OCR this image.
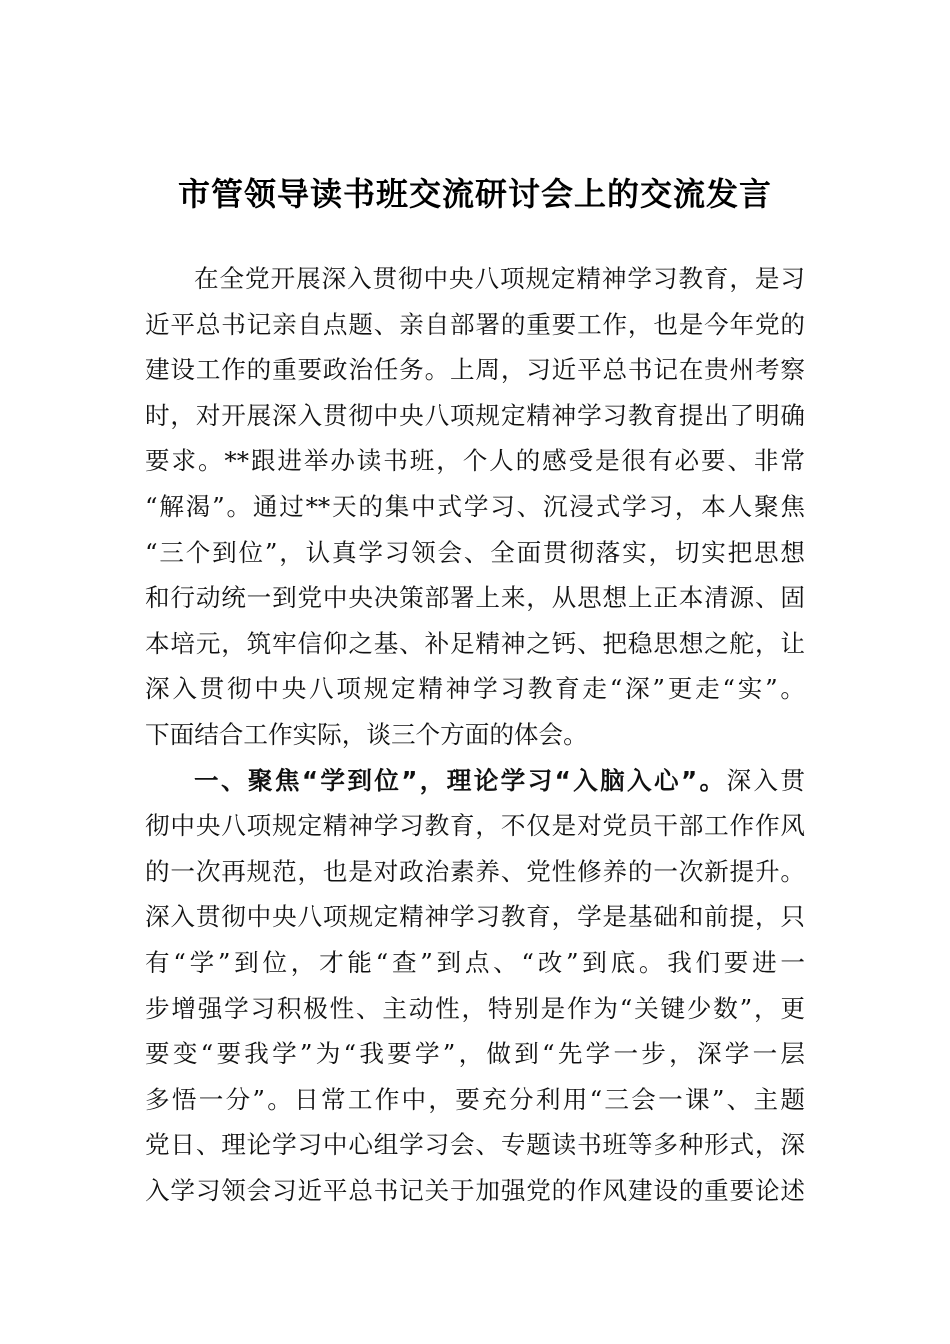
市管领导读书班交流研讨会上的交流发言
在全党开展深入贯彻中央八项规定精神学习教育，是习
近平总书记亲自点题、亲自部署的重要工作，也是今年党的
建设工作的重要政治任务。上周，习近平总书记在贵州考察
时，对开展深入贯彻中央八项规定精神学习教育提出了明确
要求。**跟进举办读书班，个人的感受是很有必要、非常
“解渴”。通过**天的集中式学习、沉浸式学习，本人聚焦
“三个到位”，认真学习领会、全面贯彻落实，切实把思想
和行动统一到党中央决策部署上来，从思想上正本清源、固
本培元，筑牢信仰之基、补足精神之钙、把稳思想之舵，让
深入贯彻中央八项规定精神学习教育走“深”更走“实”。
下面结合工作实际，谈三个方面的体会。
一、聚焦“学到位”，理论学习“入脑入心”。深入贯
彻中央八项规定精神学习教育，不仅是对党员干部工作作风
的一次再规范，也是对政治素养、党性修养的一次新提升。
深入贯彻中央八项规定精神学习教育，学是基础和前提，只
有“学”到位，才能“查”到点、“改”到底。我们要进一
步增强学习积极性、主动性，特别是作为“关键少数”，更
要变“要我学”为“我要学”，做到“先学一步，深学一层
多悟一分”。日常工作中，要充分利用“三会一课”、主题
党日、理论学习中心组学习会、专题读书班等多种形式，深
入学习领会习近平总书记关于加强党的作风建设的重要论述
